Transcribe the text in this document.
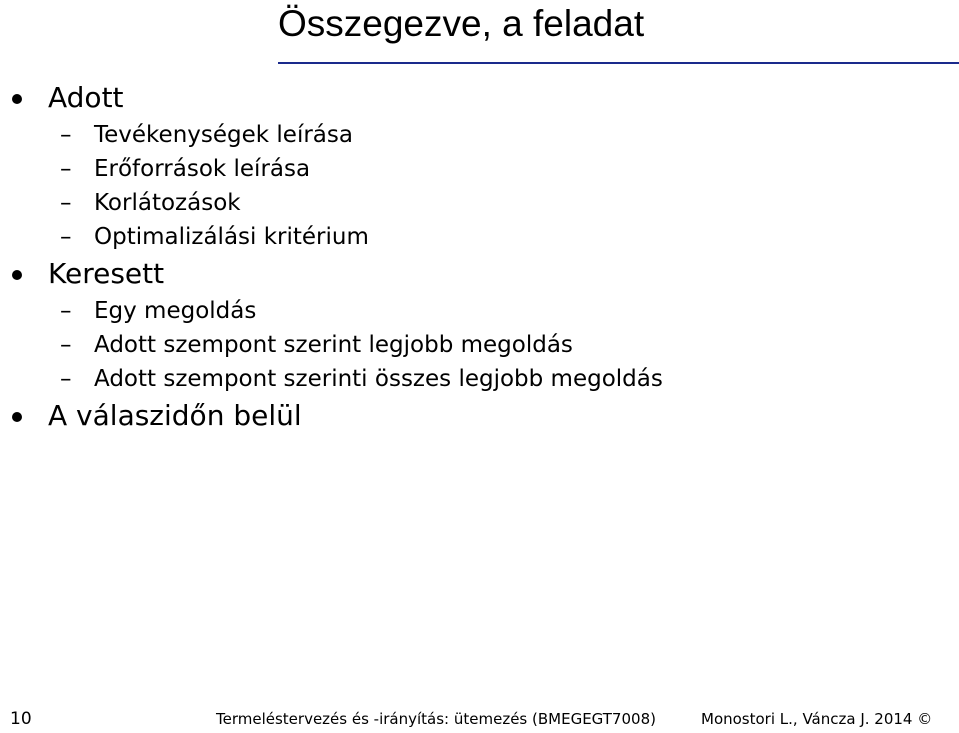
Összegezve, a feladat
Adott
– Tevékenységek leírása
– Erőforrások leírása
– Korlátozások
– Optimalizálási kritérium
Keresett
– Egy megoldás
– Adott szempont szerint legjobb megoldás
– Adott szempont szerinti összes legjobb megoldás
A válaszidőn belül
10	Termeléstervezés és -irányítás: ütemezés (BMEGEGT7008)	Monostori L., Váncza J. 2014 ©
